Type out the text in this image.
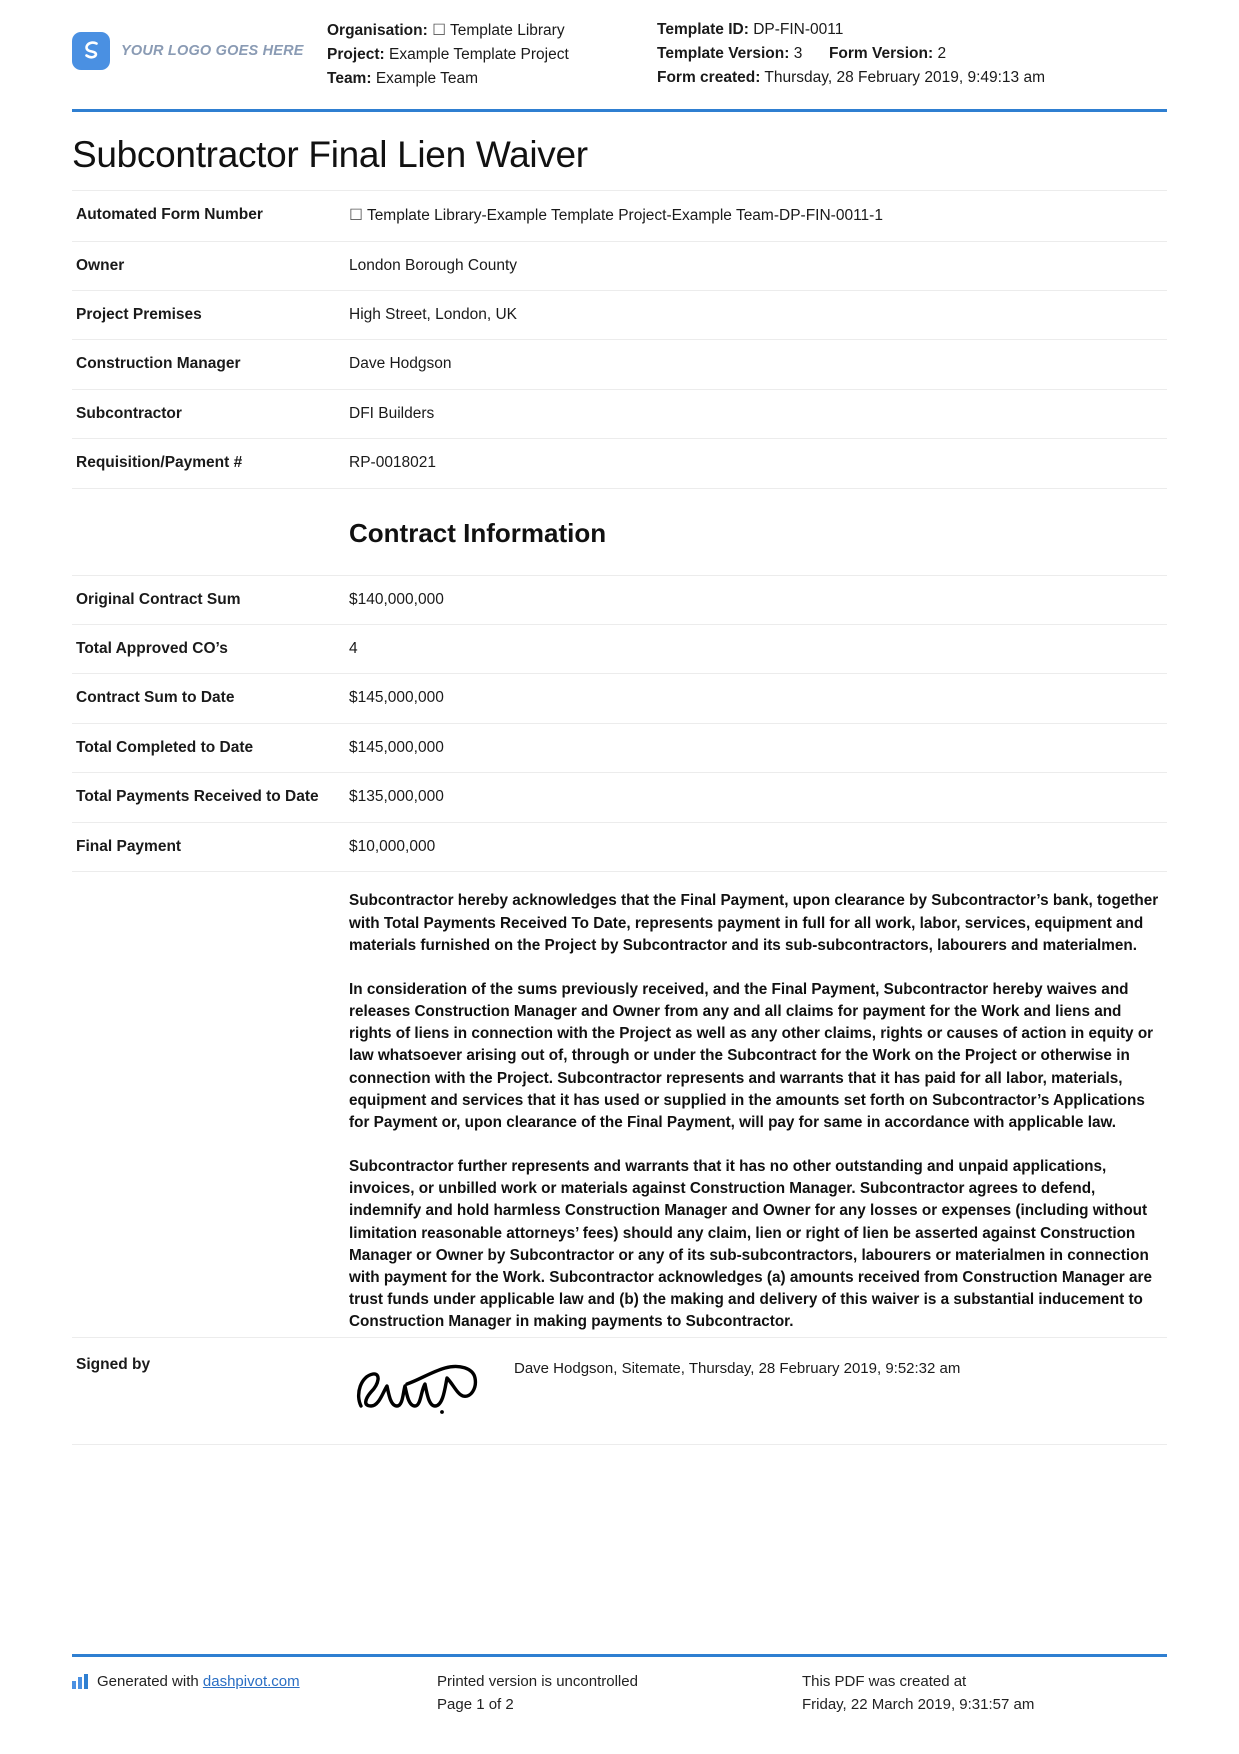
YOUR LOGO GOES HERE
Organisation: ☐ Template Library
Project: Example Template Project
Team: Example Team
Template ID: DP-FIN-0011
Template Version: 3 Form Version: 2
Form created: Thursday, 28 February 2019, 9:49:13 am
Subcontractor Final Lien Waiver
Automated Form Number	☐ Template Library-Example Template Project-Example Team-DP-FIN-0011-1
Owner	London Borough County
Project Premises	High Street, London, UK
Construction Manager	Dave Hodgson
Subcontractor	DFI Builders
Requisition/Payment #	RP-0018021

	Contract Information

Original Contract Sum	$140,000,000
Total Approved CO’s	4
Contract Sum to Date	$145,000,000
Total Completed to Date	$145,000,000
Total Payments Received to Date	$135,000,000
Final Payment	$10,000,000

	Subcontractor hereby acknowledges that the Final Payment, upon clearance by Subcontractor’s bank, together with Total Payments Received To Date, represents payment in full for all work, labor, services, equipment and materials furnished on the Project by Subcontractor and its sub-subcontractors, labourers and materialmen.

In consideration of the sums previously received, and the Final Payment, Subcontractor hereby waives and releases Construction Manager and Owner from any and all claims for payment for the Work and liens and rights of liens in connection with the Project as well as any other claims, rights or causes of action in equity or law whatsoever arising out of, through or under the Subcontract for the Work on the Project or otherwise in connection with the Project. Subcontractor represents and warrants that it has paid for all labor, materials, equipment and services that it has used or supplied in the amounts set forth on Subcontractor’s Applications for Payment or, upon clearance of the Final Payment, will pay for same in accordance with applicable law.

Subcontractor further represents and warrants that it has no other outstanding and unpaid applications, invoices, or unbilled work or materials against Construction Manager. Subcontractor agrees to defend, indemnify and hold harmless Construction Manager and Owner for any losses or expenses (including without limitation reasonable attorneys’ fees) should any claim, lien or right of lien be asserted against Construction Manager or Owner by Subcontractor or any of its sub-subcontractors, labourers or materialmen in connection with payment for the Work. Subcontractor acknowledges (a) amounts received from Construction Manager are trust funds under applicable law and (b) the making and delivery of this waiver is a substantial inducement to Construction Manager in making payments to Subcontractor.

Signed by	Dave Hodgson, Sitemate, Thursday, 28 February 2019, 9:52:32 am
Generated with dashpivot.com	Printed version is uncontrolled
Page 1 of 2
This PDF was created at
Friday, 22 March 2019, 9:31:57 am
